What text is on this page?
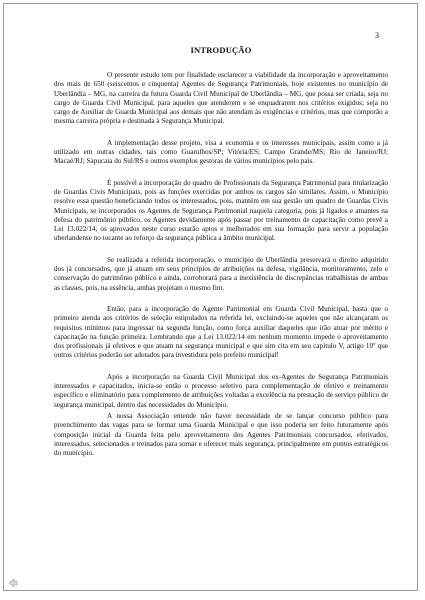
3
INTRODUÇÃO

O presente estudo tem por finalidade esclarecer a viabilidade da incorporação e aproveitamento dos mais de 650 (seiscentos e cinquenta) Agentes de Segurança Patrimoniais, hoje existentes no município de Uberlândia – MG, na carreira da futura Guarda Civil Municipal de Uberlândia – MG, que possa ser criada, seja no cargo de Guarda Civil Municipal, para aqueles que atenderem e se enquadrarem nos critérios exigidos; seja no cargo de Auxiliar de Guarda Municipal aos demais que não atendam às exigências e critérios, mas que comporão a mesma carreira própria e destinada à Segurança Municipal.

A implementação desse projeto, visa a economia e os interesses municipais, assim como a já utilizado em outras cidades, tais como Guarulhos/SP; Vitória/ES; Campo Grande/MS; Rio de Janeiro/RJ; Macaé/RJ; Sapucaia do Sul/RS e outros exemplos gestoras de vários municípios pelo país.

É possível a incorporação do quadro de Profissionais da Segurança Patrimonial para titularização de Guardas Civis Municipais, pois as funções exercidas por ambos os cargos são similares. Assim, o Município resolve essa questão beneficiando todos os interessados, pois, mantém em sua gestão um quadro de Guardas Civis Municipais, se incorporados os Agentes de Segurança Patrimonial naquela categoria, pois já ligados e atuantes na defesa do patrimônio público, os Agentes devidamente após passar por treinamento de capacitação como prevê a Lei 13.022/14, os aprovados neste curso estarão aptos e melhorados em sua formação para servir a população uberlandense no tocante ao reforço da segurança pública a âmbito municipal.

Se realizada a referida incorporação, o município de Uberlândia preservará o direito adquirido dos já concursados, que já atuam em seus princípios de atribuições na defesa, vigilância, monitoramento, zelo e conservação do patrimônio público e ainda, corroborará para a inexistência de discrepâncias trabalhistas de ambas as classes, pois, na essência, ambas projetam o mesmo fim.

Então, para a incorporação de Agente Patrimonial em Guarda Civil Municipal, basta que o primeiro atenda aos critérios de seleção estipulados na referida lei, excluindo-se aqueles que não alcançaram os requisitos mínimos para ingressar na segunda função, como força auxiliar daqueles que irão atuar por mérito e capacitação na função primeira. Lembrando que a Lei 13.022/14 em nenhum momento impede o aproveitamento dos profissionais já efetivos e que atuam na segurança municipal e que sim cita em seu capítulo V, artigo 10º que outros critérios poderão ser adotados para investidura pelo prefeito municipal!

Após a incorporação na Guarda Civil Municipal dos ex-Agentes de Segurança Patrimoniais interessados e capacitados, inicia-se então o processo seletivo para complementação de efetivo e treinamento específico e eliminatório para complemento de atribuições voltadas a excelência na prestação de serviço público de segurança municipal, dentro das necessidades do Município.

A nossa Associação entende não haver necessidade de se lançar concurso público para preenchimento das vagas para se formar uma Guarda Municipal e que isso poderia ser feito futuramente após composição inicial da Guarda feita pelo aproveitamento dos Agentes Patrimoniais concursados, efetivados, interessados, selecionados e treinados para somar e oferecer mais segurança, principalmente em pontos estratégicos do município.
